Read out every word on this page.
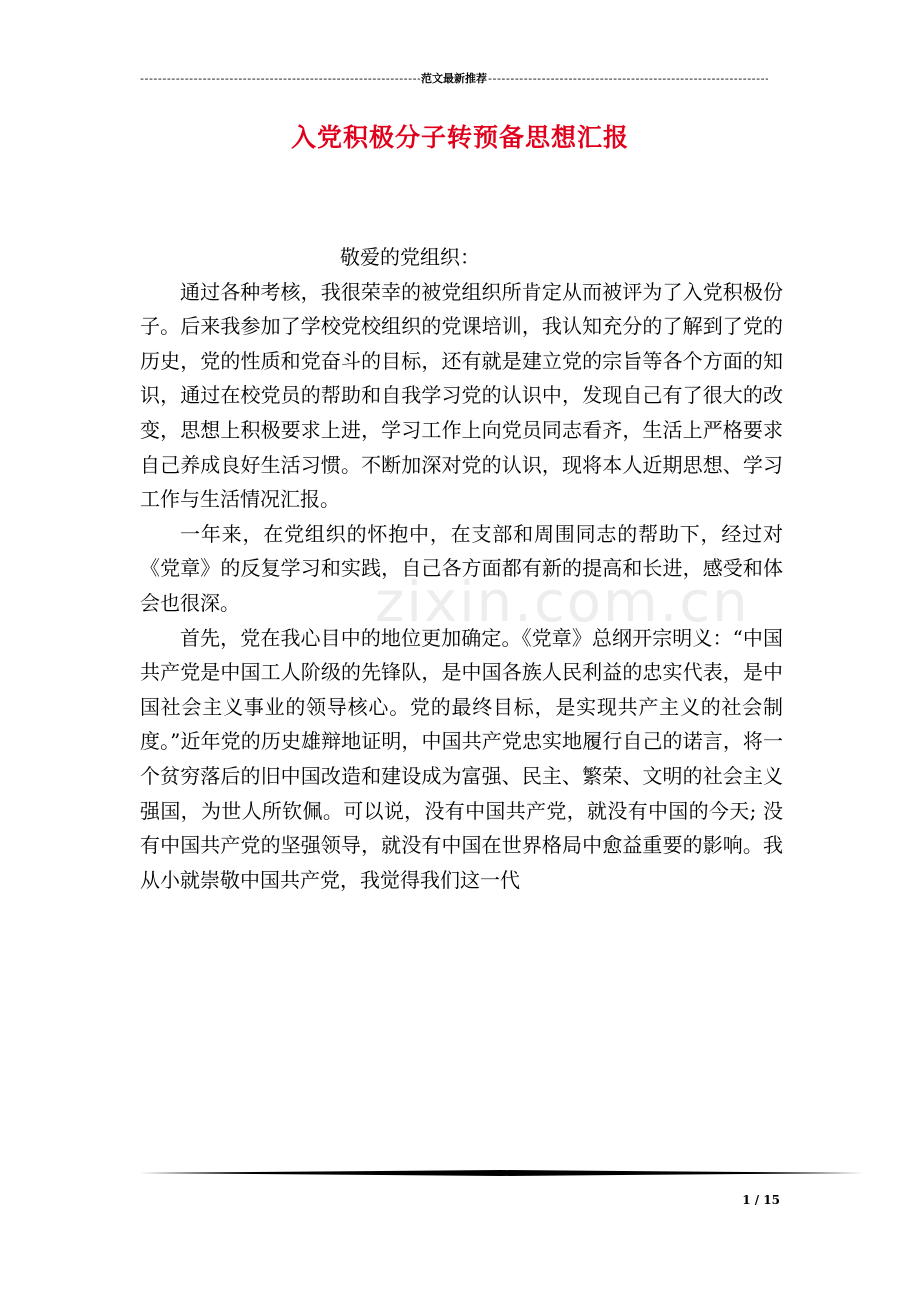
-----
范文最新推荐
-----
入党积极分子转预备思想汇报
zixin.com.cn

敬爱的党组织：

通过各种考核，我很荣幸的被党组织所肯定从而被评为了入党积极份子。后来我参加了学校党校组织的党课培训，我认知充分的了解到了党的历史，党的性质和党奋斗的目标，还有就是建立党的宗旨等各个方面的知识，通过在校党员的帮助和自我学习党的认识中，发现自己有了很大的改变，思想上积极要求上进，学习工作上向党员同志看齐，生活上严格要求自己养成良好生活习惯。不断加深对党的认识，现将本人近期思想、学习工作与生活情况汇报。

一年来，在党组织的怀抱中，在支部和周围同志的帮助下，经过对《党章》的反复学习和实践，自己各方面都有新的提高和长进，感受和体会也很深。

首先，党在我心目中的地位更加确定。《党章》总纲开宗明义：“中国共产党是中国工人阶级的先锋队，是中国各族人民利益的忠实代表，是中国社会主义事业的领导核心。党的最终目标，是实现共产主义的社会制度。”近年党的历史雄辩地证明，中国共产党忠实地履行自己的诺言，将一个贫穷落后的旧中国改造和建设成为富强、民主、繁荣、文明的社会主义强国，为世人所钦佩。可以说，没有中国共产党，就没有中国的今天; 没有中国共产党的坚强领导，就没有中国在世界格局中愈益重要的影响。我从小就崇敬中国共产党，我觉得我们这一代

1 / 15
